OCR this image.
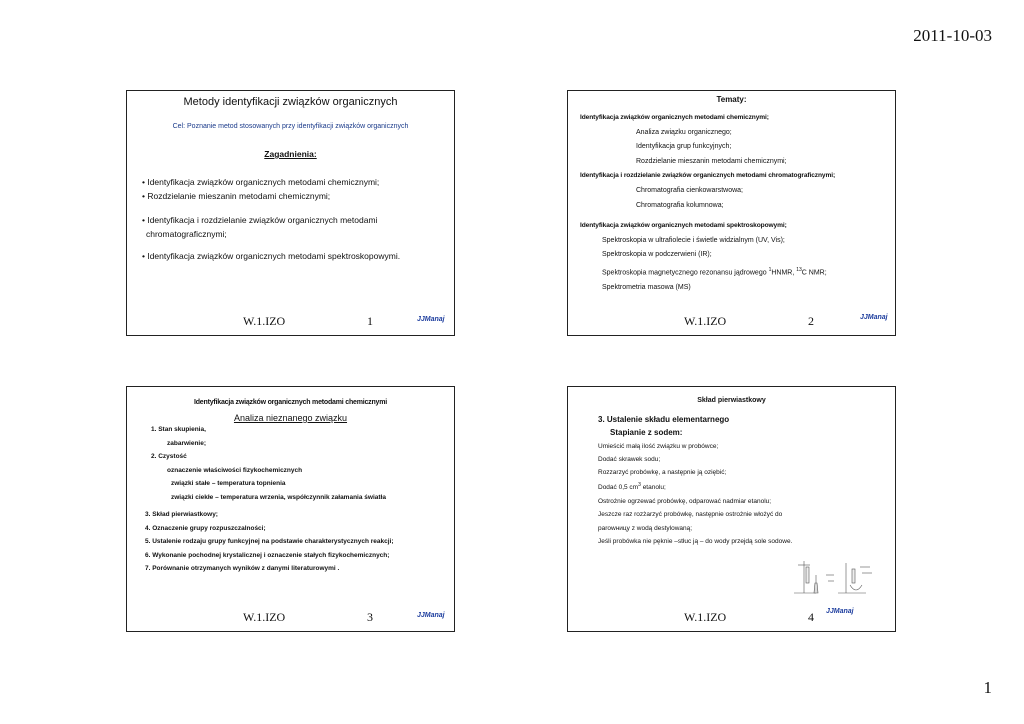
2011-10-03
Metody identyfikacji związków organicznych
Cel: Poznanie metod stosowanych przy identyfikacji związków organicznych
Zagadnienia:
• Identyfikacja związków organicznych metodami chemicznymi;
• Rozdzielanie mieszanin metodami chemicznymi;
• Identyfikacja i rozdzielanie związków organicznych metodami
chromatograficznymi;
• Identyfikacja związków organicznych metodami spektroskopowymi.
W.1.IZO	1	JJManaj
Tematy:
Identyfikacja związków organicznych metodami chemicznymi;
Analiza związku organicznego;
Identyfikacja grup funkcyjnych;
Rozdzielanie mieszanin metodami chemicznymi;
Identyfikacja i rozdzielanie związków organicznych metodami chromatograficznymi;
Chromatografia cienkowarstwowa;
Chromatografia kolumnowa;
Identyfikacja związków organicznych metodami spektroskopowymi;
Spektroskopia w ultrafiolecie i świetle widzialnym (UV, Vis);
Spektroskopia w podczerwieni (IR);
Spektroskopia magnetycznego rezonansu jądrowego $^1$HNMR, $^{13}$C NMR;
Spektrometria masowa (MS)
W.1.IZO	2	JJManaj
Identyfikacja związków organicznych metodami chemicznymi
Analiza nieznanego związku
1. Stan skupienia,
zabarwienie;
2. Czystość
oznaczenie właściwości fizykochemicznych
związki stałe – temperatura topnienia
związki ciekłe – temperatura wrzenia, współczynnik załamania światła
3. Skład pierwiastkowy;
4. Oznaczenie grupy rozpuszczalności;
5. Ustalenie rodzaju grupy funkcyjnej na podstawie charakterystycznych reakcji;
6. Wykonanie pochodnej krystalicznej i oznaczenie stałych fizykochemicznych;
7. Porównanie otrzymanych wyników z danymi literaturowymi .
W.1.IZO	3	JJManaj
Skład pierwiastkowy
3. Ustalenie składu elementarnego
Stapianie z sodem:
Umieścić małą ilość związku w probówce;
Dodać skrawek sodu;
Rozzarzyć probówkę, a następnie ją oziębić;
Dodać 0,5 $cm^3$ etanolu;
Ostrożnie ogrzewać probówkę, odparować nadmiar etanolu;
Jeszcze raz rozżarzyć probówkę, następnie ostrożnie włożyć do
parowницy z wodą destylowaną;
Jeśli probówka nie pęknie –stłuc ją – do wody przejdą sole sodowe.
W.1.IZO	4 JJManaj
1
